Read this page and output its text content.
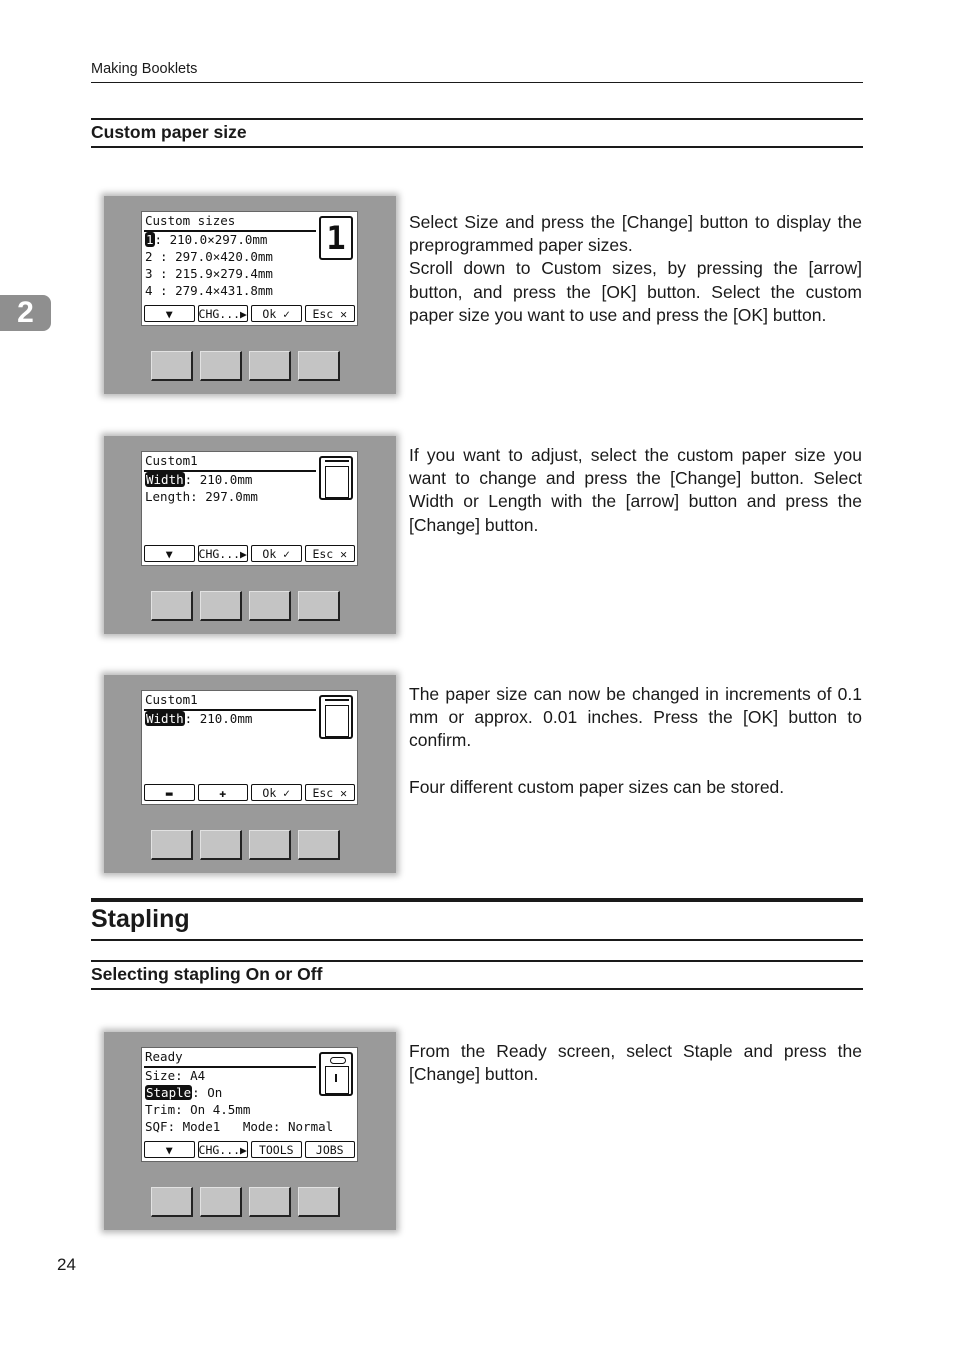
Making Booklets
2
Custom paper size
Custom sizes	1
1: 210.0×297.0mm
2 : 297.0×420.0mm
3 : 215.9×279.4mm
4 : 279.4×431.8mm
▼	CHG...▶	Ok ✓	Esc ✕

Select Size and press the [Change] button to display the preprogrammed paper sizes.

Scroll down to Custom sizes, by pressing the [arrow] button, and press the [OK] button. Select the custom paper size you want to use and press the [OK] button.

Custom1
Width: 210.0mm
Length: 297.0mm
▼	CHG...▶	Ok ✓	Esc ✕

If you want to adjust, select the custom paper size you want to change and press the [Change] button. Select Width or Length with the [arrow] button and press the [Change] button.

Custom1
Width: 210.0mm
▬	✚	Ok ✓	Esc ✕

The paper size can now be changed in increments of 0.1 mm or approx. 0.01 inches. Press the [OK] button to confirm.

Four different custom paper sizes can be stored.

Stapling
Selecting stapling On or Off
Ready
Size: A4
Staple: On
Trim: On 4.5mm
SQF: Mode1   Mode: Normal
▼	CHG...▶	TOOLS	JOBS

From the Ready screen, select Staple and press the [Change] button.

24
